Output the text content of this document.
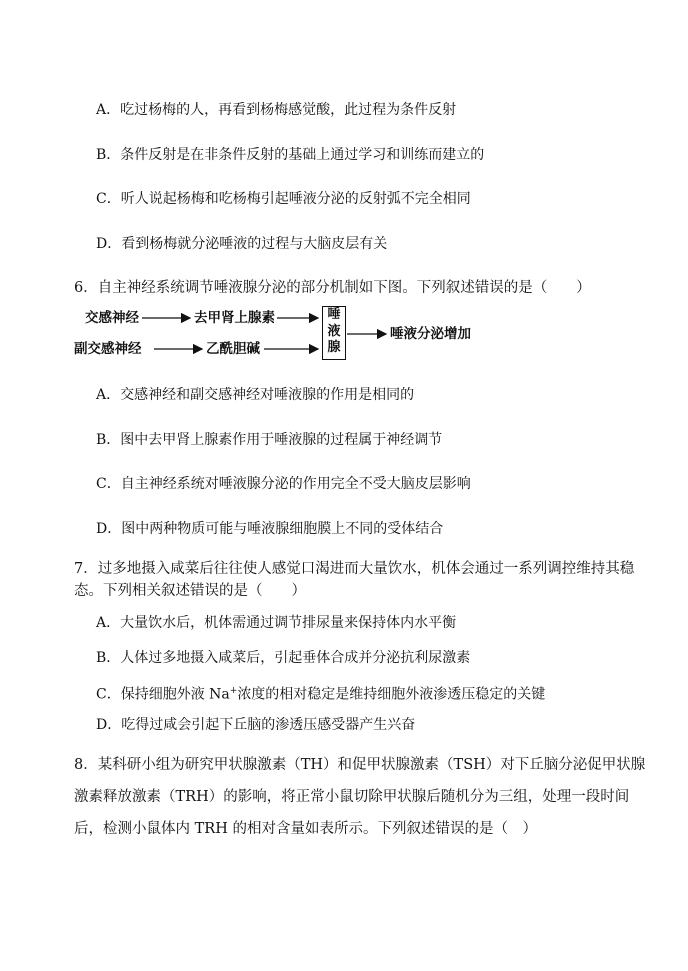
A．吃过杨梅的人，再看到杨梅感觉酸，此过程为条件反射
B．条件反射是在非条件反射的基础上通过学习和训练而建立的
C．听人说起杨梅和吃杨梅引起唾液分泌的反射弧不完全相同
D．看到杨梅就分泌唾液的过程与大脑皮层有关
6．自主神经系统调节唾液腺分泌的部分机制如下图。下列叙述错误的是（　　）
交感神经	去甲肾上腺素
副交感神经	乙酰胆碱
唾
液
腺
唾液分泌增加
A．交感神经和副交感神经对唾液腺的作用是相同的
B．图中去甲肾上腺素作用于唾液腺的过程属于神经调节
C．自主神经系统对唾液腺分泌的作用完全不受大脑皮层影响
D．图中两种物质可能与唾液腺细胞膜上不同的受体结合
7．过多地摄入咸菜后往往使人感觉口渴进而大量饮水，机体会通过一系列调控维持其稳
态。下列相关叙述错误的是（　　）
A．大量饮水后，机体需通过调节排尿量来保持体内水平衡
B．人体过多地摄入咸菜后，引起垂体合成并分泌抗利尿激素
C．保持细胞外液 Na+浓度的相对稳定是维持细胞外液渗透压稳定的关键
D．吃得过咸会引起下丘脑的渗透压感受器产生兴奋
8．某科研小组为研究甲状腺激素（TH）和促甲状腺激素（TSH）对下丘脑分泌促甲状腺
激素释放激素（TRH）的影响，将正常小鼠切除甲状腺后随机分为三组，处理一段时间
后，检测小鼠体内 TRH 的相对含量如表所示。下列叙述错误的是（　）
